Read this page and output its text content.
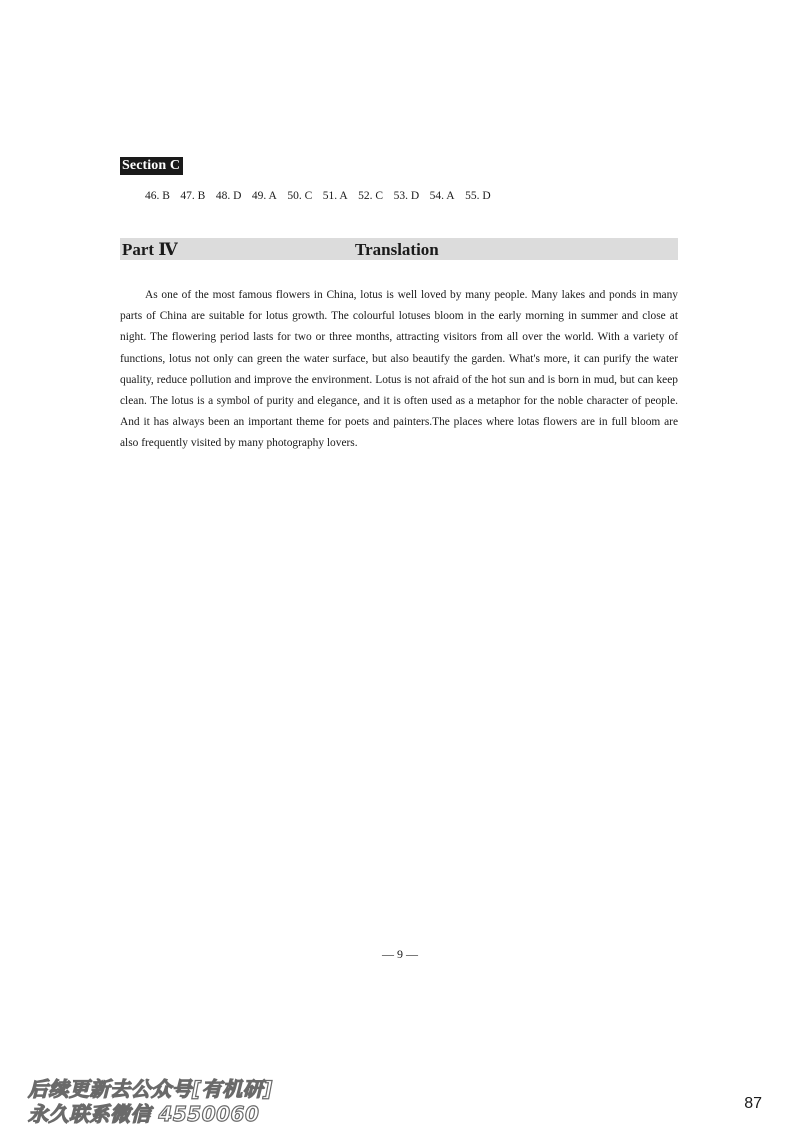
Section C
46. B 47. B 48. D 49. A 50. C 51. A 52. C 53. D 54. A 55. D
Part Ⅳ	Translation

As one of the most famous flowers in China, lotus is well loved by many people. Many lakes and ponds in many parts of China are suitable for lotus growth. The colourful lotuses bloom in the early morning in summer and close at night. The flowering period lasts for two or three months, attracting visitors from all over the world. With a variety of functions, lotus not only can green the water surface, but also beautify the garden. What's more, it can purify the water quality, reduce pollution and improve the environment. Lotus is not afraid of the hot sun and is born in mud, but can keep clean. The lotus is a symbol of purity and elegance, and it is often used as a metaphor for the noble character of people. And it has always been an important theme for poets and painters.The places where lotas flowers are in full bloom are also frequently visited by many photography lovers.

— 9 —
后续更新去公众号[有机研]
永久联系微信 4550060	87
